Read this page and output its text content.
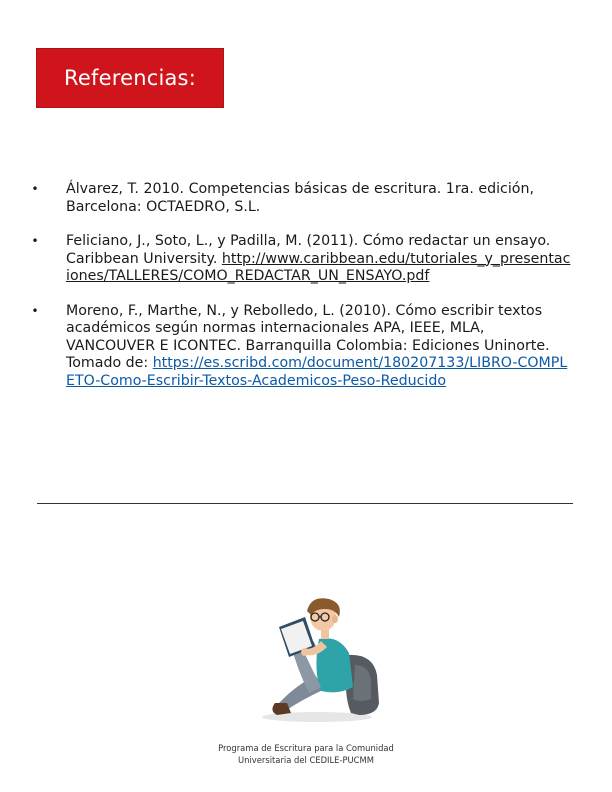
Referencias:
• Álvarez, T. 2010. Competencias básicas de escritura. 1ra. edición, Barcelona: OCTAEDRO, S.L.
• Feliciano, J., Soto, L., y Padilla, M. (2011). Cómo redactar un ensayo. Caribbean University. http://www.caribbean.edu/tutoriales_y_presentaciones/TALLERES/COMO_REDACTAR_UN_ENSAYO.pdf
• Moreno, F., Marthe, N., y Rebolledo, L. (2010). Cómo escribir textos académicos según normas internacionales APA, IEEE, MLA, VANCOUVER E ICONTEC. Barranquilla Colombia: Ediciones Uninorte. Tomado de: https://es.scribd.com/document/180207133/LIBRO-COMPLETO-Como-Escribir-Textos-Academicos-Peso-Reducido
Programa de Escritura para la Comunidad
Universitaria del CEDILE-PUCMM
